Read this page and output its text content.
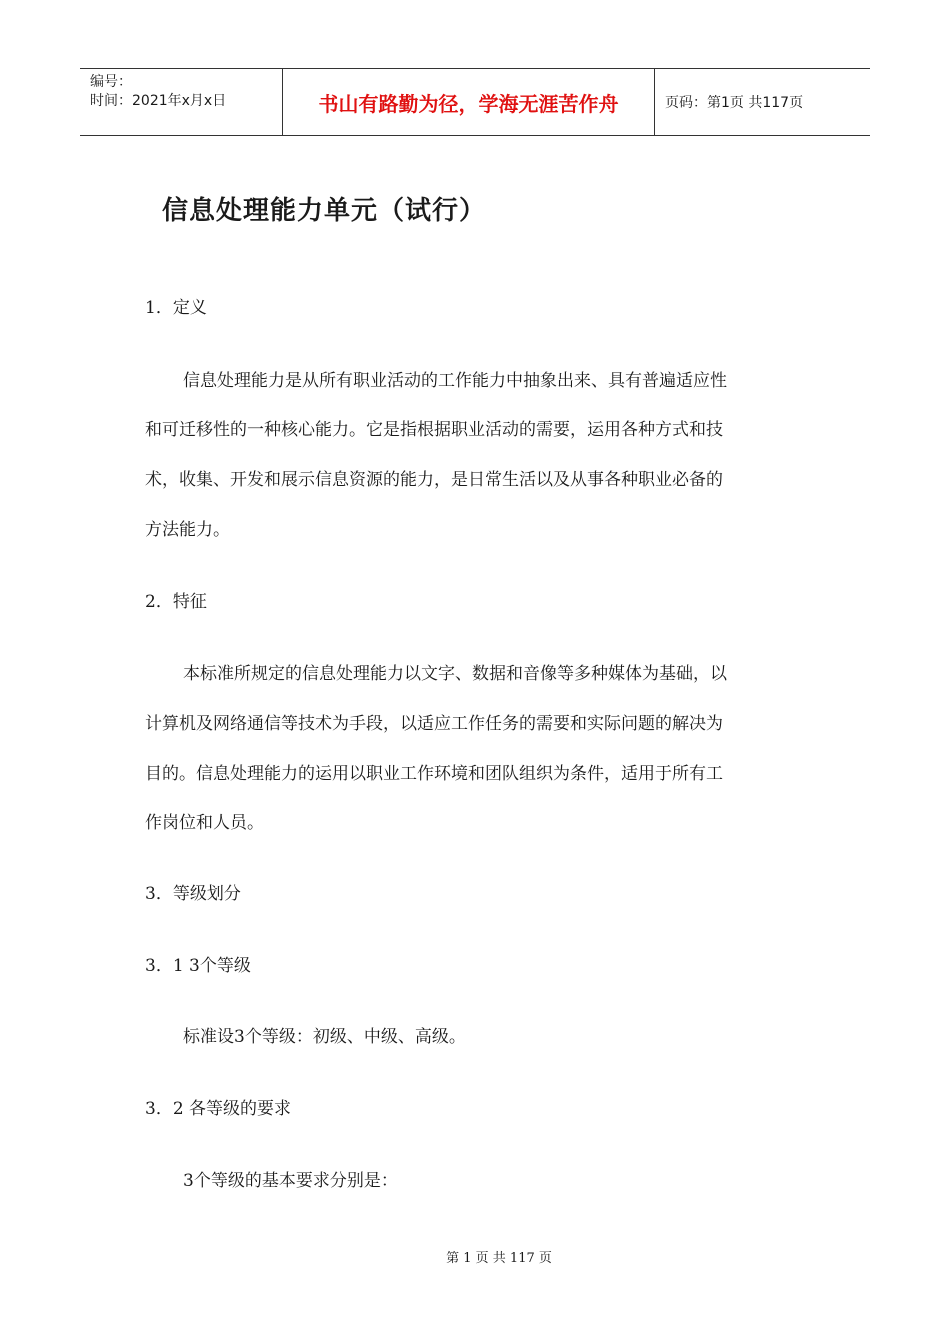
编号：
时间：2021年x月x日	书山有路勤为径，学海无涯苦作舟	页码：第1页 共117页
信息处理能力单元（试行）
1．定义
信息处理能力是从所有职业活动的工作能力中抽象出来、具有普遍适应性
和可迁移性的一种核心能力。它是指根据职业活动的需要，运用各种方式和技
术，收集、开发和展示信息资源的能力，是日常生活以及从事各种职业必备的
方法能力。
2．特征
本标准所规定的信息处理能力以文字、数据和音像等多种媒体为基础，以
计算机及网络通信等技术为手段，以适应工作任务的需要和实际问题的解决为
目的。信息处理能力的运用以职业工作环境和团队组织为条件，适用于所有工
作岗位和人员。
3．等级划分
3．1 3个等级
标准设3个等级：初级、中级、高级。
3．2 各等级的要求
3个等级的基本要求分别是：
第 1 页 共 117 页
